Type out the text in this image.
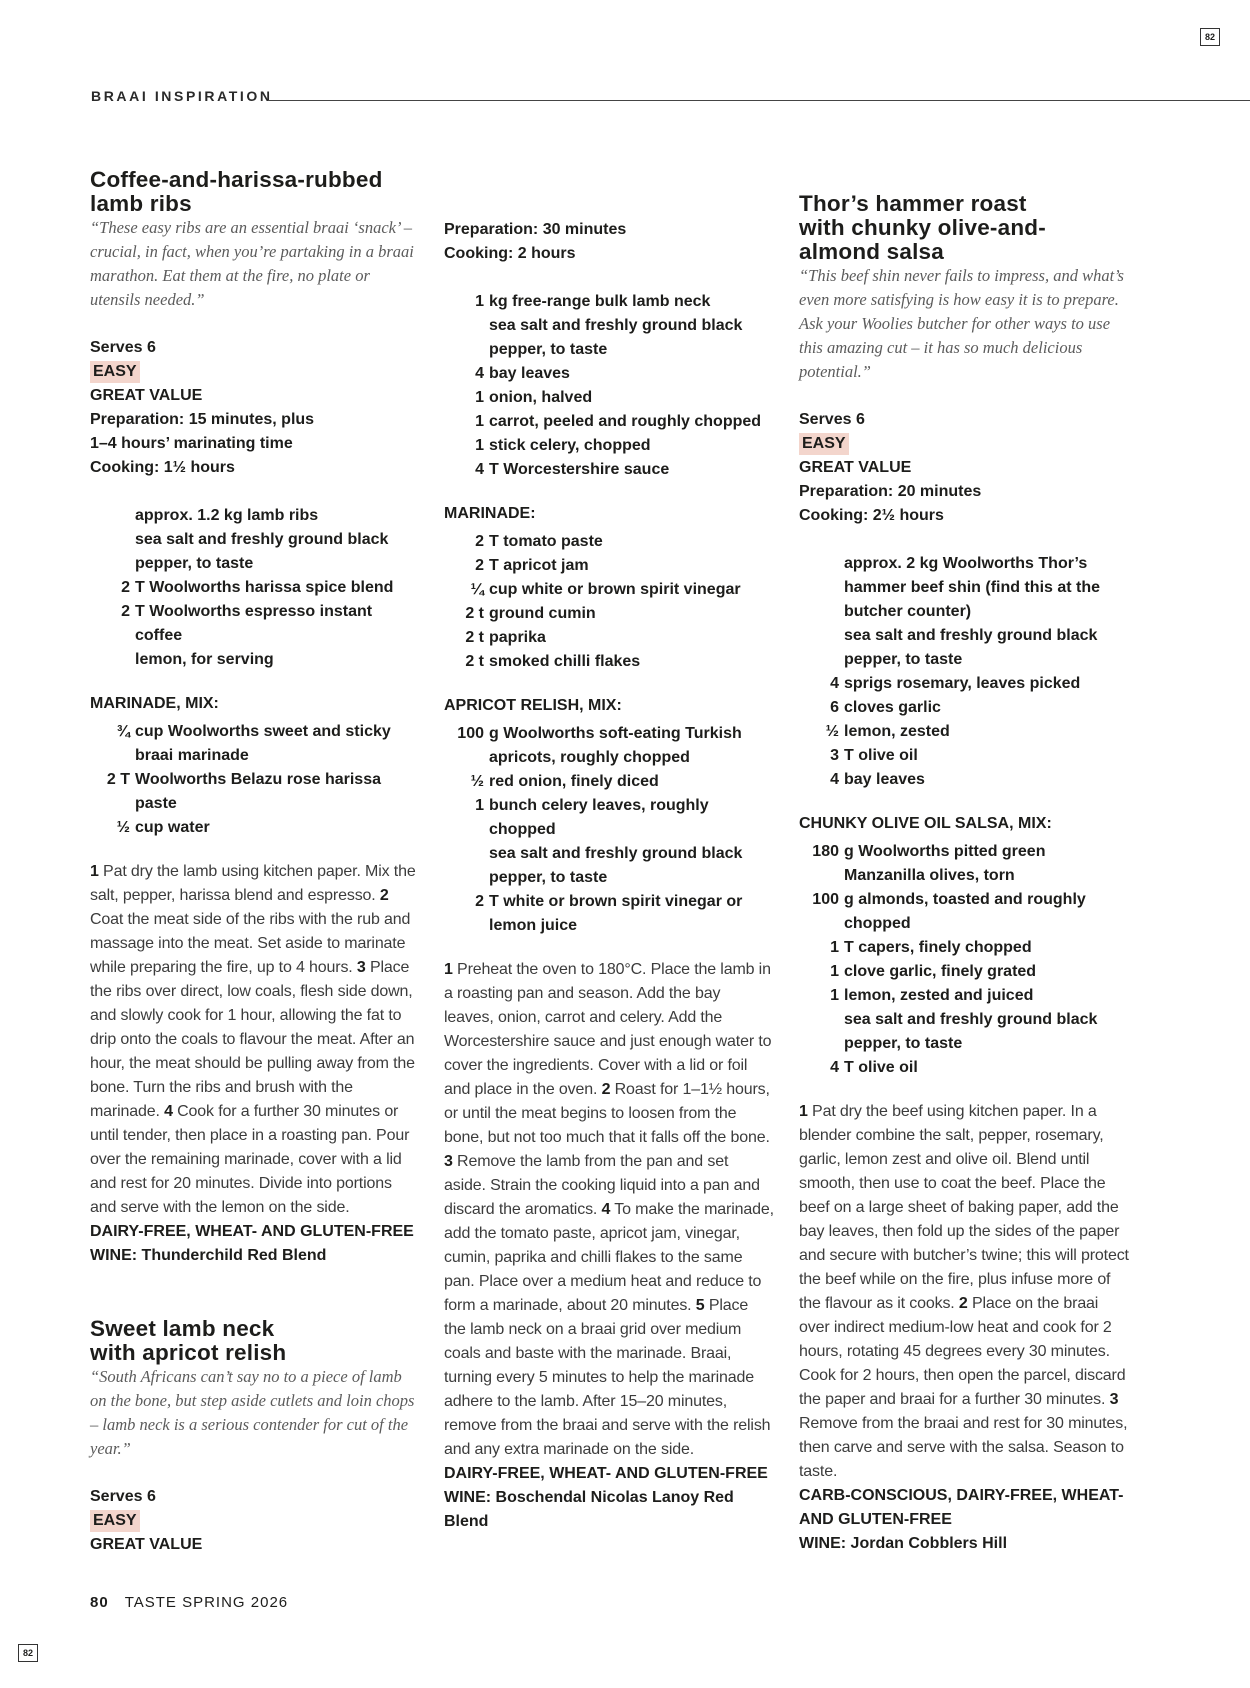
82
82
BRAAI INSPIRATION
Coffee-and-harissa-rubbed
lamb ribs

“These easy ribs are an essential braai ‘snack’ – crucial, in fact, when you’re partaking in a braai marathon. Eat them at the fire, no plate or utensils needed.”

Serves 6
EASY
GREAT VALUE
Preparation: 15 minutes, plus
1–4 hours’ marinating time
Cooking: 1½ hours
approx. 1.2 kg lamb ribs
sea salt and freshly ground black pepper, to taste
2 T Woolworths harissa spice blend
2 T Woolworths espresso instant coffee
lemon, for serving
MARINADE, MIX:
¾ cup Woolworths sweet and sticky braai marinade
2 T Woolworths Belazu rose harissa paste
½ cup water

1 Pat dry the lamb using kitchen paper. Mix the salt, pepper, harissa blend and espresso. 2 Coat the meat side of the ribs with the rub and massage into the meat. Set aside to marinate while preparing the fire, up to 4 hours. 3 Place the ribs over direct, low coals, flesh side down, and slowly cook for 1 hour, allowing the fat to drip onto the coals to flavour the meat. After an hour, the meat should be pulling away from the bone. Turn the ribs and brush with the marinade. 4 Cook for a further 30 minutes or until tender, then place in a roasting pan. Pour over the remaining marinade, cover with a lid and rest for 20 minutes. Divide into portions and serve with the lemon on the side.

DAIRY-FREE, WHEAT- AND GLUTEN-FREE
WINE: Thunderchild Red Blend
Sweet lamb neck
with apricot relish

“South Africans can’t say no to a piece of lamb on the bone, but step aside cutlets and loin chops – lamb neck is a serious contender for cut of the year.”

Serves 6
EASY
GREAT VALUE
Preparation: 30 minutes
Cooking: 2 hours
1 kg free-range bulk lamb neck
sea salt and freshly ground black pepper, to taste
4 bay leaves
1 onion, halved
1 carrot, peeled and roughly chopped
1 stick celery, chopped
4 T Worcestershire sauce
MARINADE:
2 T tomato paste
2 T apricot jam
¼ cup white or brown spirit vinegar
2 t ground cumin
2 t paprika
2 t smoked chilli flakes
APRICOT RELISH, MIX:
100 g Woolworths soft-eating Turkish apricots, roughly chopped
½ red onion, finely diced
1 bunch celery leaves, roughly chopped
sea salt and freshly ground black pepper, to taste
2 T white or brown spirit vinegar or lemon juice

1 Preheat the oven to 180°C. Place the lamb in a roasting pan and season. Add the bay leaves, onion, carrot and celery. Add the Worcestershire sauce and just enough water to cover the ingredients. Cover with a lid or foil and place in the oven. 2 Roast for 1–1½ hours, or until the meat begins to loosen from the bone, but not too much that it falls off the bone. 3 Remove the lamb from the pan and set aside. Strain the cooking liquid into a pan and discard the aromatics. 4 To make the marinade, add the tomato paste, apricot jam, vinegar, cumin, paprika and chilli flakes to the same pan. Place over a medium heat and reduce to form a marinade, about 20 minutes. 5 Place the lamb neck on a braai grid over medium coals and baste with the marinade. Braai, turning every 5 minutes to help the marinade adhere to the lamb. After 15–20 minutes, remove from the braai and serve with the relish and any extra marinade on the side.

DAIRY-FREE, WHEAT- AND GLUTEN-FREE
WINE: Boschendal Nicolas Lanoy Red Blend
Thor’s hammer roast
with chunky olive-and-
almond salsa

“This beef shin never fails to impress, and what’s even more satisfying is how easy it is to prepare. Ask your Woolies butcher for other ways to use this amazing cut – it has so much delicious potential.”

Serves 6
EASY
GREAT VALUE
Preparation: 20 minutes
Cooking: 2½ hours
approx. 2 kg Woolworths Thor’s hammer beef shin (find this at the butcher counter)
sea salt and freshly ground black pepper, to taste
4 sprigs rosemary, leaves picked
6 cloves garlic
½ lemon, zested
3 T olive oil
4 bay leaves
CHUNKY OLIVE OIL SALSA, MIX:
180 g Woolworths pitted green Manzanilla olives, torn
100 g almonds, toasted and roughly chopped
1 T capers, finely chopped
1 clove garlic, finely grated
1 lemon, zested and juiced
sea salt and freshly ground black pepper, to taste
4 T olive oil

1 Pat dry the beef using kitchen paper. In a blender combine the salt, pepper, rosemary, garlic, lemon zest and olive oil. Blend until smooth, then use to coat the beef. Place the beef on a large sheet of baking paper, add the bay leaves, then fold up the sides of the paper and secure with butcher’s twine; this will protect the beef while on the fire, plus infuse more of the flavour as it cooks. 2 Place on the braai over indirect medium-low heat and cook for 2 hours, rotating 45 degrees every 30 minutes. Cook for 2 hours, then open the parcel, discard the paper and braai for a further 30 minutes. 3 Remove from the braai and rest for 30 minutes, then carve and serve with the salsa. Season to taste.

CARB-CONSCIOUS, DAIRY-FREE, WHEAT- AND GLUTEN-FREE
WINE: Jordan Cobblers Hill
80 TASTE SPRING 2026
